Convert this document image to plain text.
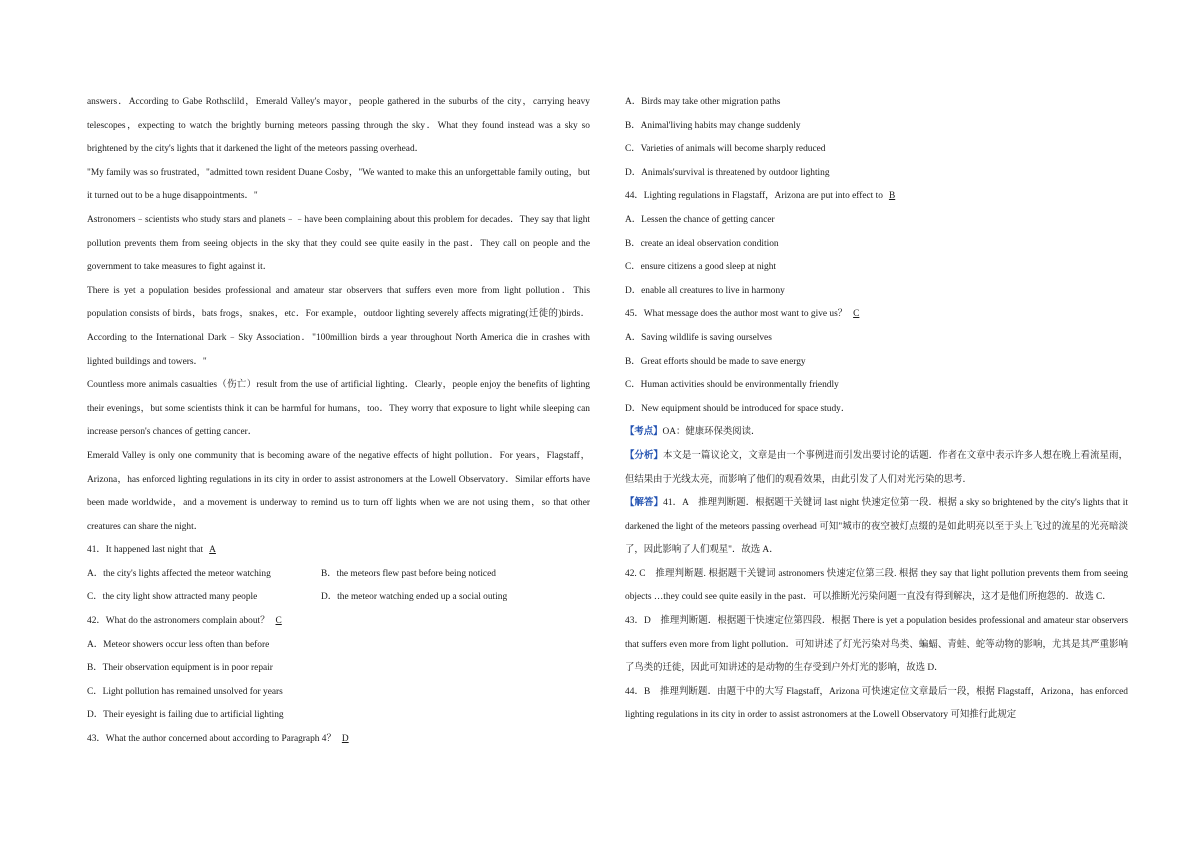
answers．According to Gabe Rothsclild，Emerald Valley's mayor，people gathered in the suburbs of the city，carrying heavy telescopes，expecting to watch the brightly burning meteors passing through the sky．What they found instead was a sky so brightened by the city's lights that it darkened the light of the meteors passing overhead．

"My family was so frustrated，"admitted town resident Duane Cosby，"We wanted to make this an unforgettable family outing，but it turned out to be a huge disappointments．"

Astronomers﹣scientists who study stars and planets﹣﹣have been complaining about this problem for decades．They say that light pollution prevents them from seeing objects in the sky that they could see quite easily in the past．They call on people and the government to take measures to fight against it．

There is yet a population besides professional and amateur star observers that suffers even more from light pollution．This population consists of birds，bats frogs，snakes，etc．For example，outdoor lighting severely affects migrating(迁徙的)birds．According to the International Dark﹣Sky Association．"100million birds a year throughout North America die in crashes with lighted buildings and towers．"

Countless more animals casualties（伤亡）result from the use of artificial lighting．Clearly，people enjoy the benefits of lighting their evenings，but some scientists think it can be harmful for humans，too．They worry that exposure to light while sleeping can increase person's chances of getting cancer．

Emerald Valley is only one community that is becoming aware of the negative effects of hight pollution．For years，Flagstaff，Arizona，has enforced lighting regulations in its city in order to assist astronomers at the Lowell Observatory．Similar efforts have been made worldwide，and a movement is underway to remind us to turn off lights when we are not using them，so that other creatures can share the night．

41．It happened last night that A

A．the city's lights affected the meteor watching	B．the meteors flew past before being noticed
C．the city light show attracted many people	D．the meteor watching ended up a social outing

42．What do the astronomers complain about？ C

A．Meteor showers occur less often than before

B．Their observation equipment is in poor repair

C．Light pollution has remained unsolved for years

D．Their eyesight is failing due to artificial lighting

43．What the author concerned about according to Paragraph 4？ D

A．Birds may take other migration paths

B．Animal'living habits may change suddenly

C．Varieties of animals will become sharply reduced

D．Animals'survival is threatened by outdoor lighting

44．Lighting regulations in Flagstaff，Arizona are put into effect to B

A．Lessen the chance of getting cancer

B．create an ideal observation condition

C．ensure citizens a good sleep at night

D．enable all creatures to live in harmony

45．What message does the author most want to give us？ C

A．Saving wildlife is saving ourselves

B．Great efforts should be made to save energy

C．Human activities should be environmentally friendly

D．New equipment should be introduced for space study．

【考点】OA：健康环保类阅读．

【分析】本文是一篇议论文，文章是由一个事例进而引发出要讨论的话题．作者在文章中表示许多人想在晚上看流星雨，但结果由于光线太亮，而影响了他们的观看效果，由此引发了人们对光污染的思考．

【解答】41．A　推理判断题．根据题干关键词 last night 快速定位第一段．根据 a sky so brightened by the city's lights that it darkened the light of the meteors passing overhead 可知"城市的夜空被灯点缀的是如此明亮以至于头上飞过的流星的光亮暗淡了，因此影响了人们观星"．故选 A．

42. C　推理判断题. 根据题干关键词 astronomers 快速定位第三段. 根据 they say that light pollution prevents them from seeing objects …they could see quite easily in the past．可以推断光污染问题一直没有得到解决，这才是他们所抱怨的．故选 C．

43．D　推理判断题．根据题干快速定位第四段．根据 There is yet a population besides professional and amateur star observers that suffers even more from light pollution．可知讲述了灯光污染对鸟类、蝙蝠、青蛙、蛇等动物的影响，尤其是其严重影响了鸟类的迁徙，因此可知讲述的是动物的生存受到户外灯光的影响，故选 D．

44．B　推理判断题．由题干中的大写 Flagstaff，Arizona 可快速定位文章最后一段，根据 Flagstaff，Arizona，has enforced lighting regulations in its city in order to assist astronomers at the Lowell Observatory 可知推行此规定
